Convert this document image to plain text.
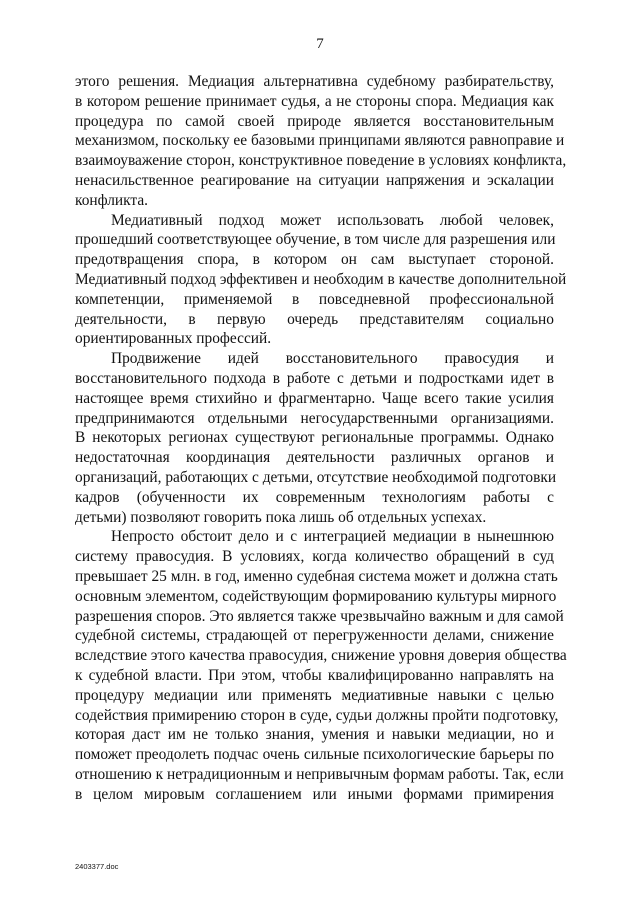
7
этого решения. Медиация альтернативна судебному разбирательству,
в котором решение принимает судья, а не стороны спора. Медиация как
процедура по самой своей природе является восстановительным
механизмом, поскольку ее базовыми принципами являются равноправие и
взаимоуважение сторон, конструктивное поведение в условиях конфликта,
ненасильственное реагирование на ситуации напряжения и эскалации
конфликта.
Медиативный подход может использовать любой человек,
прошедший соответствующее обучение, в том числе для разрешения или
предотвращения спора, в котором он сам выступает стороной.
Медиативный подход эффективен и необходим в качестве дополнительной
компетенции, применяемой в повседневной профессиональной
деятельности, в первую очередь представителям социально
ориентированных профессий.
Продвижение идей восстановительного правосудия и
восстановительного подхода в работе с детьми и подростками идет в
настоящее время стихийно и фрагментарно. Чаще всего такие усилия
предпринимаются отдельными негосударственными организациями.
В некоторых регионах существуют региональные программы. Однако
недостаточная координация деятельности различных органов и
организаций, работающих с детьми, отсутствие необходимой подготовки
кадров (обученности их современным технологиям работы с
детьми) позволяют говорить пока лишь об отдельных успехах.
Непросто обстоит дело и с интеграцией медиации в нынешнюю
систему правосудия. В условиях, когда количество обращений в суд
превышает 25 млн. в год, именно судебная система может и должна стать
основным элементом, содействующим формированию культуры мирного
разрешения споров. Это является также чрезвычайно важным и для самой
судебной системы, страдающей от перегруженности делами, снижение
вследствие этого качества правосудия, снижение уровня доверия общества
к судебной власти. При этом, чтобы квалифицированно направлять на
процедуру медиации или применять медиативные навыки с целью
содействия примирению сторон в суде, судьи должны пройти подготовку,
которая даст им не только знания, умения и навыки медиации, но и
поможет преодолеть подчас очень сильные психологические барьеры по
отношению к нетрадиционным и непривычным формам работы. Так, если
в целом мировым соглашением или иными формами примирения
2403377.doc
